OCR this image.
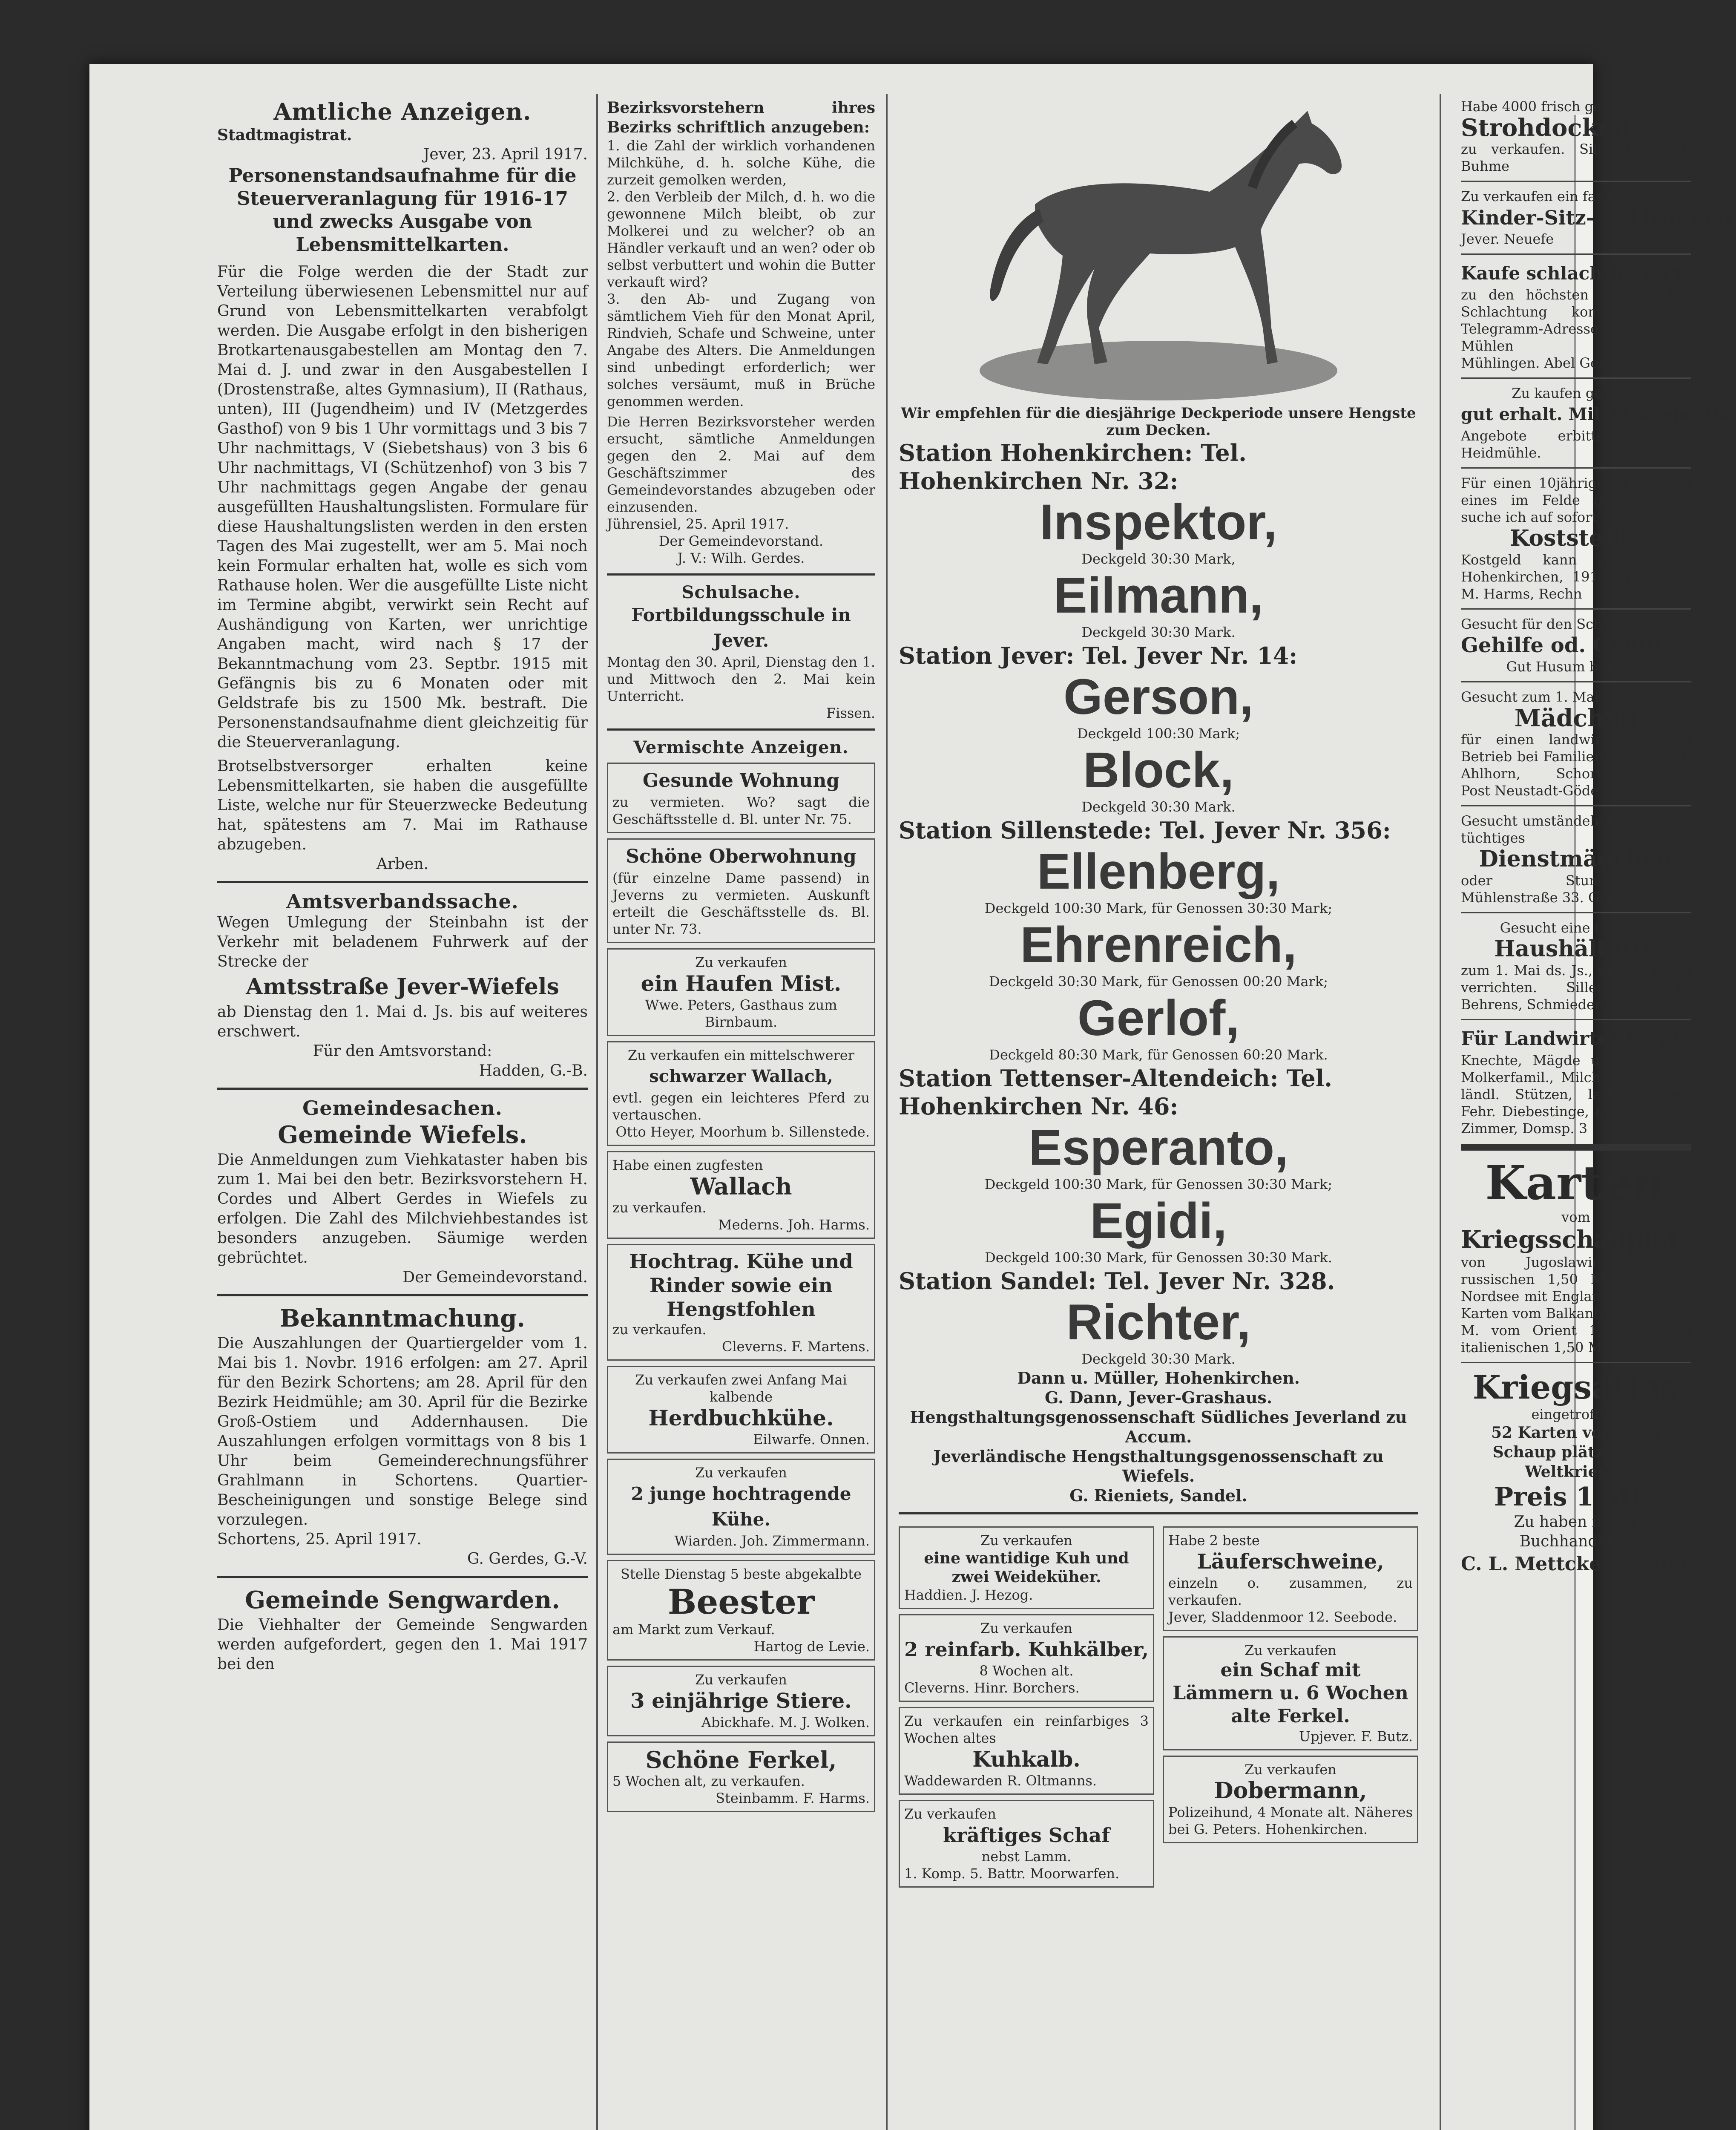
Amtliche Anzeigen.

Stadtmagistrat.

Jever, 23. April 1917.

Personenstandsaufnahme für die Steuerveranlagung für 1916-17 und zwecks Ausgabe von Lebensmittelkarten.

Für die Folge werden die der Stadt zur Verteilung überwiesenen Lebensmittel nur auf Grund von Lebensmittelkarten verabfolgt werden. Die Ausgabe erfolgt in den bisherigen Brotkartenausgabestellen am Montag den 7. Mai d. J. und zwar in den Ausgabestellen I (Drostenstraße, altes Gymnasium), II (Rathaus, unten), III (Jugendheim) und IV (Metzgerdes Gasthof) von 9 bis 1 Uhr vormittags und 3 bis 7 Uhr nachmittags, V (Siebetshaus) von 3 bis 6 Uhr nachmittags, VI (Schützenhof) von 3 bis 7 Uhr nachmittags gegen Angabe der genau ausgefüllten Haushaltungslisten. Formulare für diese Haushaltungslisten werden in den ersten Tagen des Mai zugestellt, wer am 5. Mai noch kein Formular erhalten hat, wolle es sich vom Rathause holen. Wer die ausgefüllte Liste nicht im Termine abgibt, verwirkt sein Recht auf Aushändigung von Karten, wer unrichtige Angaben macht, wird nach § 17 der Bekanntmachung vom 23. Septbr. 1915 mit Gefängnis bis zu 6 Monaten oder mit Geldstrafe bis zu 1500 Mk. bestraft. Die Personenstandsaufnahme dient gleichzeitig für die Steuerveranlagung.

Brotselbstversorger erhalten keine Lebensmittelkarten, sie haben die ausgefüllte Liste, welche nur für Steuerzwecke Bedeutung hat, spätestens am 7. Mai im Rathause abzugeben.

Arben.

Amtsverbandssache.

Wegen Umlegung der Steinbahn ist der Verkehr mit beladenem Fuhrwerk auf der Strecke der

Amtsstraße Jever-Wiefels

ab Dienstag den 1. Mai d. Js. bis auf weiteres erschwert.

Für den Amtsvorstand:

Hadden, G.-B.

Gemeindesachen.

Gemeinde Wiefels.

Die Anmeldungen zum Viehkataster haben bis zum 1. Mai bei den betr. Bezirksvorstehern H. Cordes und Albert Gerdes in Wiefels zu erfolgen. Die Zahl des Milchviehbestandes ist besonders anzugeben. Säumige werden gebrüchtet.

Der Gemeindevorstand.

Bekanntmachung.

Die Auszahlungen der Quartiergelder vom 1. Mai bis 1. Novbr. 1916 erfolgen: am 27. April für den Bezirk Schortens; am 28. April für den Bezirk Heidmühle; am 30. April für die Bezirke Groß-Ostiem und Addernhausen. Die Auszahlungen erfolgen vormittags von 8 bis 1 Uhr beim Gemeinderechnungsführer Grahlmann in Schortens. Quartier-Bescheinigungen und sonstige Belege sind vorzulegen.

Schortens, 25. April 1917.

G. Gerdes, G.-V.

Gemeinde Sengwarden.

Die Viehhalter der Gemeinde Sengwarden werden aufgefordert, gegen den 1. Mai 1917 bei den

Bezirksvorstehern ihres Bezirks schriftlich anzugeben:

1. die Zahl der wirklich vorhandenen Milchkühe, d. h. solche Kühe, die zurzeit gemolken werden,

2. den Verbleib der Milch, d. h. wo die gewonnene Milch bleibt, ob zur Molkerei und zu welcher? ob an Händler verkauft und an wen? oder ob selbst verbuttert und wohin die Butter verkauft wird?

3. den Ab- und Zugang von sämtlichem Vieh für den Monat April, Rindvieh, Schafe und Schweine, unter Angabe des Alters. Die Anmeldungen sind unbedingt erforderlich; wer solches versäumt, muß in Brüche genommen werden.

Die Herren Bezirksvorsteher werden ersucht, sämtliche Anmeldungen gegen den 2. Mai auf dem Geschäftszimmer des Gemeindevorstandes abzugeben oder einzusenden.

Jührensiel, 25. April 1917.

Der Gemeindevorstand.

J. V.: Wilh. Gerdes.

Schulsache.

Fortbildungsschule in Jever.

Montag den 30. April, Dienstag den 1. und Mittwoch den 2. Mai kein Unterricht.

Fissen.

Vermischte Anzeigen.

Gesunde Wohnung

zu vermieten. Wo? sagt die Geschäftsstelle d. Bl. unter Nr. 75.

Schöne Oberwohnung

(für einzelne Dame passend) in Jeverns zu vermieten. Auskunft erteilt die Geschäftsstelle ds. Bl. unter Nr. 73.

Zu verkaufen

ein Haufen Mist.

Wwe. Peters, Gasthaus zum Birnbaum.

Zu verkaufen ein mittelschwerer

schwarzer Wallach,

evtl. gegen ein leichteres Pferd zu vertauschen.

Otto Heyer, Moorhum b. Sillenstede.

Habe einen zugfesten

Wallach

zu verkaufen.

Mederns. Joh. Harms.

Hochtrag. Kühe und Rinder sowie ein Hengstfohlen

zu verkaufen.

Cleverns. F. Martens.

Zu verkaufen zwei Anfang Mai kalbende

Herdbuchkühe.

Eilwarfe. Onnen.

Zu verkaufen

2 junge hochtragende Kühe.

Wiarden. Joh. Zimmermann.

Stelle Dienstag 5 beste abgekalbte

Beester

am Markt zum Verkauf.

Hartog de Levie.

Zu verkaufen

3 einjährige Stiere.

Abickhafe. M. J. Wolken.

Schöne Ferkel,

5 Wochen alt, zu verkaufen.

Steinbamm. F. Harms.

Wir empfehlen für die diesjährige Deckperiode unsere Hengste zum Decken.

Station Hohenkirchen: Tel. Hohenkirchen Nr. 32:

Inspektor,

Deckgeld 30:30 Mark,

Eilmann,

Deckgeld 30:30 Mark.

Station Jever: Tel. Jever Nr. 14:

Gerson,

Deckgeld 100:30 Mark;

Block,

Deckgeld 30:30 Mark.

Station Sillenstede: Tel. Jever Nr. 356:

Ellenberg,

Deckgeld 100:30 Mark, für Genossen 30:30 Mark;

Ehrenreich,

Deckgeld 30:30 Mark, für Genossen 00:20 Mark;

Gerlof,

Deckgeld 80:30 Mark, für Genossen 60:20 Mark.

Station Tettenser-Altendeich: Tel. Hohenkirchen Nr. 46:

Esperanto,

Deckgeld 100:30 Mark, für Genossen 30:30 Mark;

Egidi,

Deckgeld 100:30 Mark, für Genossen 30:30 Mark.

Station Sandel: Tel. Jever Nr. 328.

Richter,

Deckgeld 30:30 Mark.

Dann u. Müller, Hohenkirchen.

G. Dann, Jever-Grashaus.

Hengsthaltungsgenossenschaft Südliches Jeverland zu Accum.

Jeverländische Hengsthaltungsgenossenschaft zu Wiefels.

G. Rieniets, Sandel.

Zu verkaufen

eine wantidige Kuh und zwei Weideküher.

Haddien. J. Hezog.

Zu verkaufen

2 reinfarb. Kuhkälber,

8 Wochen alt.

Cleverns. Hinr. Borchers.

Zu verkaufen ein reinfarbiges 3 Wochen altes

Kuhkalb.

Waddewarden R. Oltmanns.

Zu verkaufen

kräftiges Schaf

nebst Lamm.

1. Komp. 5. Battr. Moorwarfen.

Habe 2 beste

Läuferschweine,

einzeln o. zusammen, zu verkaufen.

Jever, Sladdenmoor 12. Seebode.

Zu verkaufen

ein Schaf mit Lämmern u. 6 Wochen alte Ferkel.

Upjever. F. Butz.

Zu verkaufen

Dobermann,

Polizeihund, 4 Monate alt. Näheres bei G. Peters. Hohenkirchen.

Habe 4000 frisch gebunden

Strohdocken

zu verkaufen. Sillenstede. H. Buhme

Zu verkaufen ein fast neuer

Kinder-Sitz- u. Liegewag

Jever. Neuefe

Kaufe schlachtbare Pfe

zu den höchsten Preisen. Bei Schlachtung komme sofort. Telegramm-Adresse Gerzgal, Mühlen

Mühlingen. Abel Gerz

Zu kaufen gesucht

gut erhalt. Milchtransportka

Angebote erbittet Kloster Heidmühle.

Für einen 10jährigen Kna Sohn eines im Felde gef Witwers, suche ich auf sofort

Koststelle.

Kostgeld kann gegeben w Hohenkirchen, 1917 April 2 C. M. Harms, Rechn

Gesucht für den Schmied

Gehilfe od. Gehilf

Gut Husum b. Jever.

Gesucht zum 1. Mai ein

Mädchen

für einen landwirtschaftlichen Betrieb bei Familienanschluß. H. Ahlhorn, Schortenser-Hamm Post Neustadt-Göde

Gesucht umständehalber fort ein tüchtiges

Dienstmädchen

oder Stundenmädchen. Mühlenstraße 33. Gaten

Gesucht eine tüchtige

Haushälterin

zum 1. Mai ds. Js., welche mi zu verrichten. Sillenstede. G. Behrens, Schmiedem

Für Landwirte! Empfe

Knechte, Mägde u. ältere Arb Molkerfamil., Milchfahrer, Fisch ländl. Stützen, landw. Arbeit Fehr. Diebestinge, gew. St.-Vertr Zimmer, Domsp. 3

Karten

vom

Kriegsschauplatz

von Jugoslawien... vom russischen 1,50 Mk. von der Nordsee mit England 0,80 Mark, Karten vom Balkanhalbinsel 1,50 M. vom Orient 1,50 M. vom italienischen 1,50 Mk.

Kriegsatlas

eingetroffen.

52 Karten von allen Schaup plätzen des Weltkrieges

Preis 1 Mk.

Zu haben in der Buchhandlung

C. L. Mettcker & Söhne
